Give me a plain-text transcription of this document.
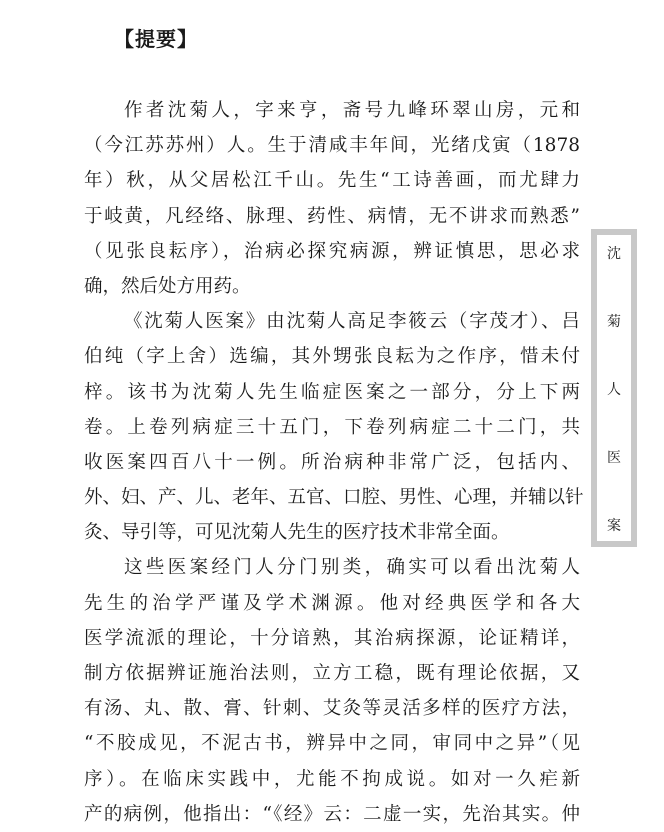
【提要】
作者沈菊人，字来亨，斋号九峰环翠山房，元和
（今江苏苏州）人。生于清咸丰年间，光绪戊寅（1878
年）秋，从父居松江千山。先生“工诗善画，而尤肆力
于岐黄，凡经络、脉理、药性、病情，无不讲求而熟悉”
（见张良耘序），治病必探究病源，辨证慎思，思必求
确，然后处方用药。
《沈菊人医案》由沈菊人高足李筱云（字茂才）、吕
伯纯（字上舍）选编，其外甥张良耘为之作序，惜未付
梓。该书为沈菊人先生临症医案之一部分，分上下两
卷。上卷列病症三十五门，下卷列病症二十二门，共
收医案四百八十一例。所治病种非常广泛，包括内、
外、妇、产、儿、老年、五官、口腔、男性、心理，并辅以针
灸、导引等，可见沈菊人先生的医疗技术非常全面。
这些医案经门人分门别类，确实可以看出沈菊人
先生的治学严谨及学术渊源。他对经典医学和各大
医学流派的理论，十分谙熟，其治病探源，论证精详，
制方依据辨证施治法则，立方工稳，既有理论依据，又
有汤、丸、散、膏、针刺、艾灸等灵活多样的医疗方法，
“不胶成见，不泥古书，辨异中之同，审同中之异”（见
序）。在临床实践中，尤能不拘成说。如对一久疟新
产的病例，他指出：“《经》云：二虚一实，先治其实。仲
沈
菊
人
医
案
